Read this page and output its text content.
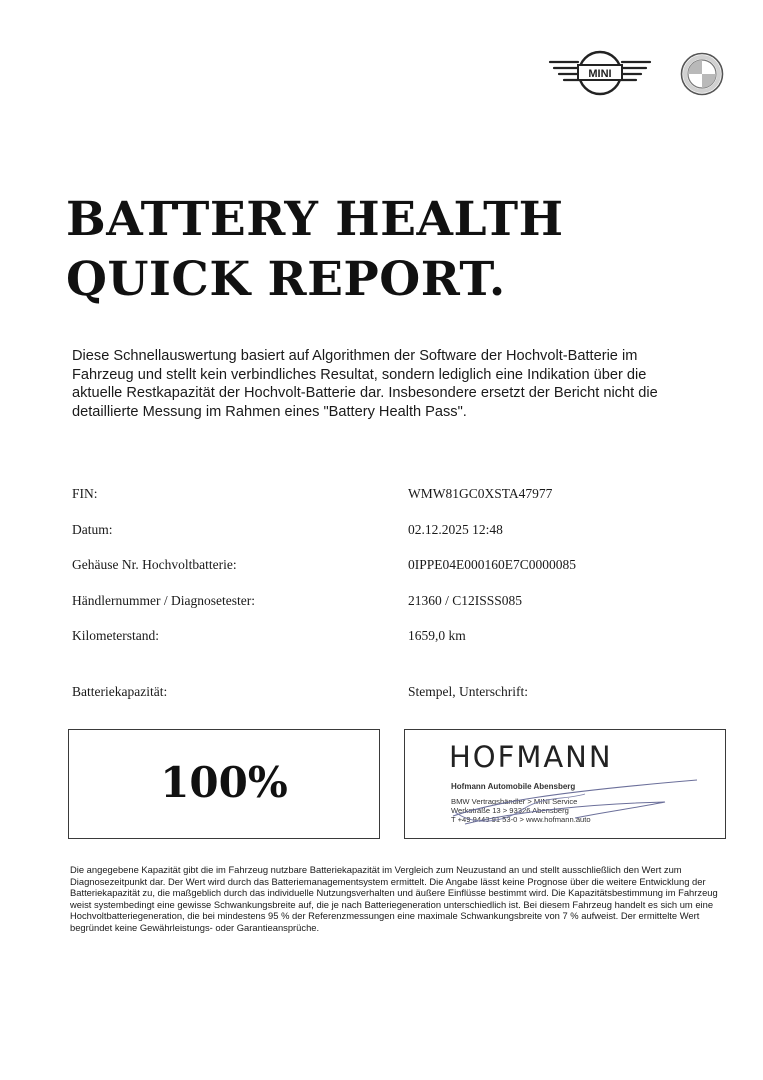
MINI
BATTERY HEALTH
QUICK REPORT.
Diese Schnellauswertung basiert auf Algorithmen der Software der Hochvolt-Batterie im Fahrzeug und stellt kein verbindliches Resultat, sondern lediglich eine Indikation über die aktuelle Restkapazität der Hochvolt-Batterie dar. Insbesondere ersetzt der Bericht nicht die detaillierte Messung im Rahmen eines "Battery Health Pass".
FIN:	WMW81GC0XSTA47977
Datum:	02.12.2025 12:48
Gehäuse Nr. Hochvoltbatterie:	0IPPE04E000160E7C0000085
Händlernummer / Diagnosetester:	21360 / C12ISSS085
Kilometerstand:	1659,0 km
Batteriekapazität:	Stempel, Unterschrift:
100%
HOFMANN
Hofmann Automobile Abensberg
BMW Vertragshändler > MINI Service
Werkstraße 13 > 93326 Abensberg
T +49 9443 91 53-0 > www.hofmann.auto
Die angegebene Kapazität gibt die im Fahrzeug nutzbare Batteriekapazität im Vergleich zum Neuzustand an und stellt ausschließlich den Wert zum Diagnosezeitpunkt dar. Der Wert wird durch das Batteriemanagementsystem ermittelt. Die Angabe lässt keine Prognose über die weitere Entwicklung der Batteriekapazität zu, die maßgeblich durch das individuelle Nutzungsverhalten und äußere Einflüsse bestimmt wird. Die Kapazitätsbestimmung im Fahrzeug weist systembedingt eine gewisse Schwankungsbreite auf, die je nach Batteriegeneration unterschiedlich ist. Bei diesem Fahrzeug handelt es sich um eine Hochvoltbatteriegeneration, die bei mindestens 95 % der Referenzmessungen eine maximale Schwankungsbreite von 7 % aufweist. Der ermittelte Wert begründet keine Gewährleistungs- oder Garantieansprüche.
